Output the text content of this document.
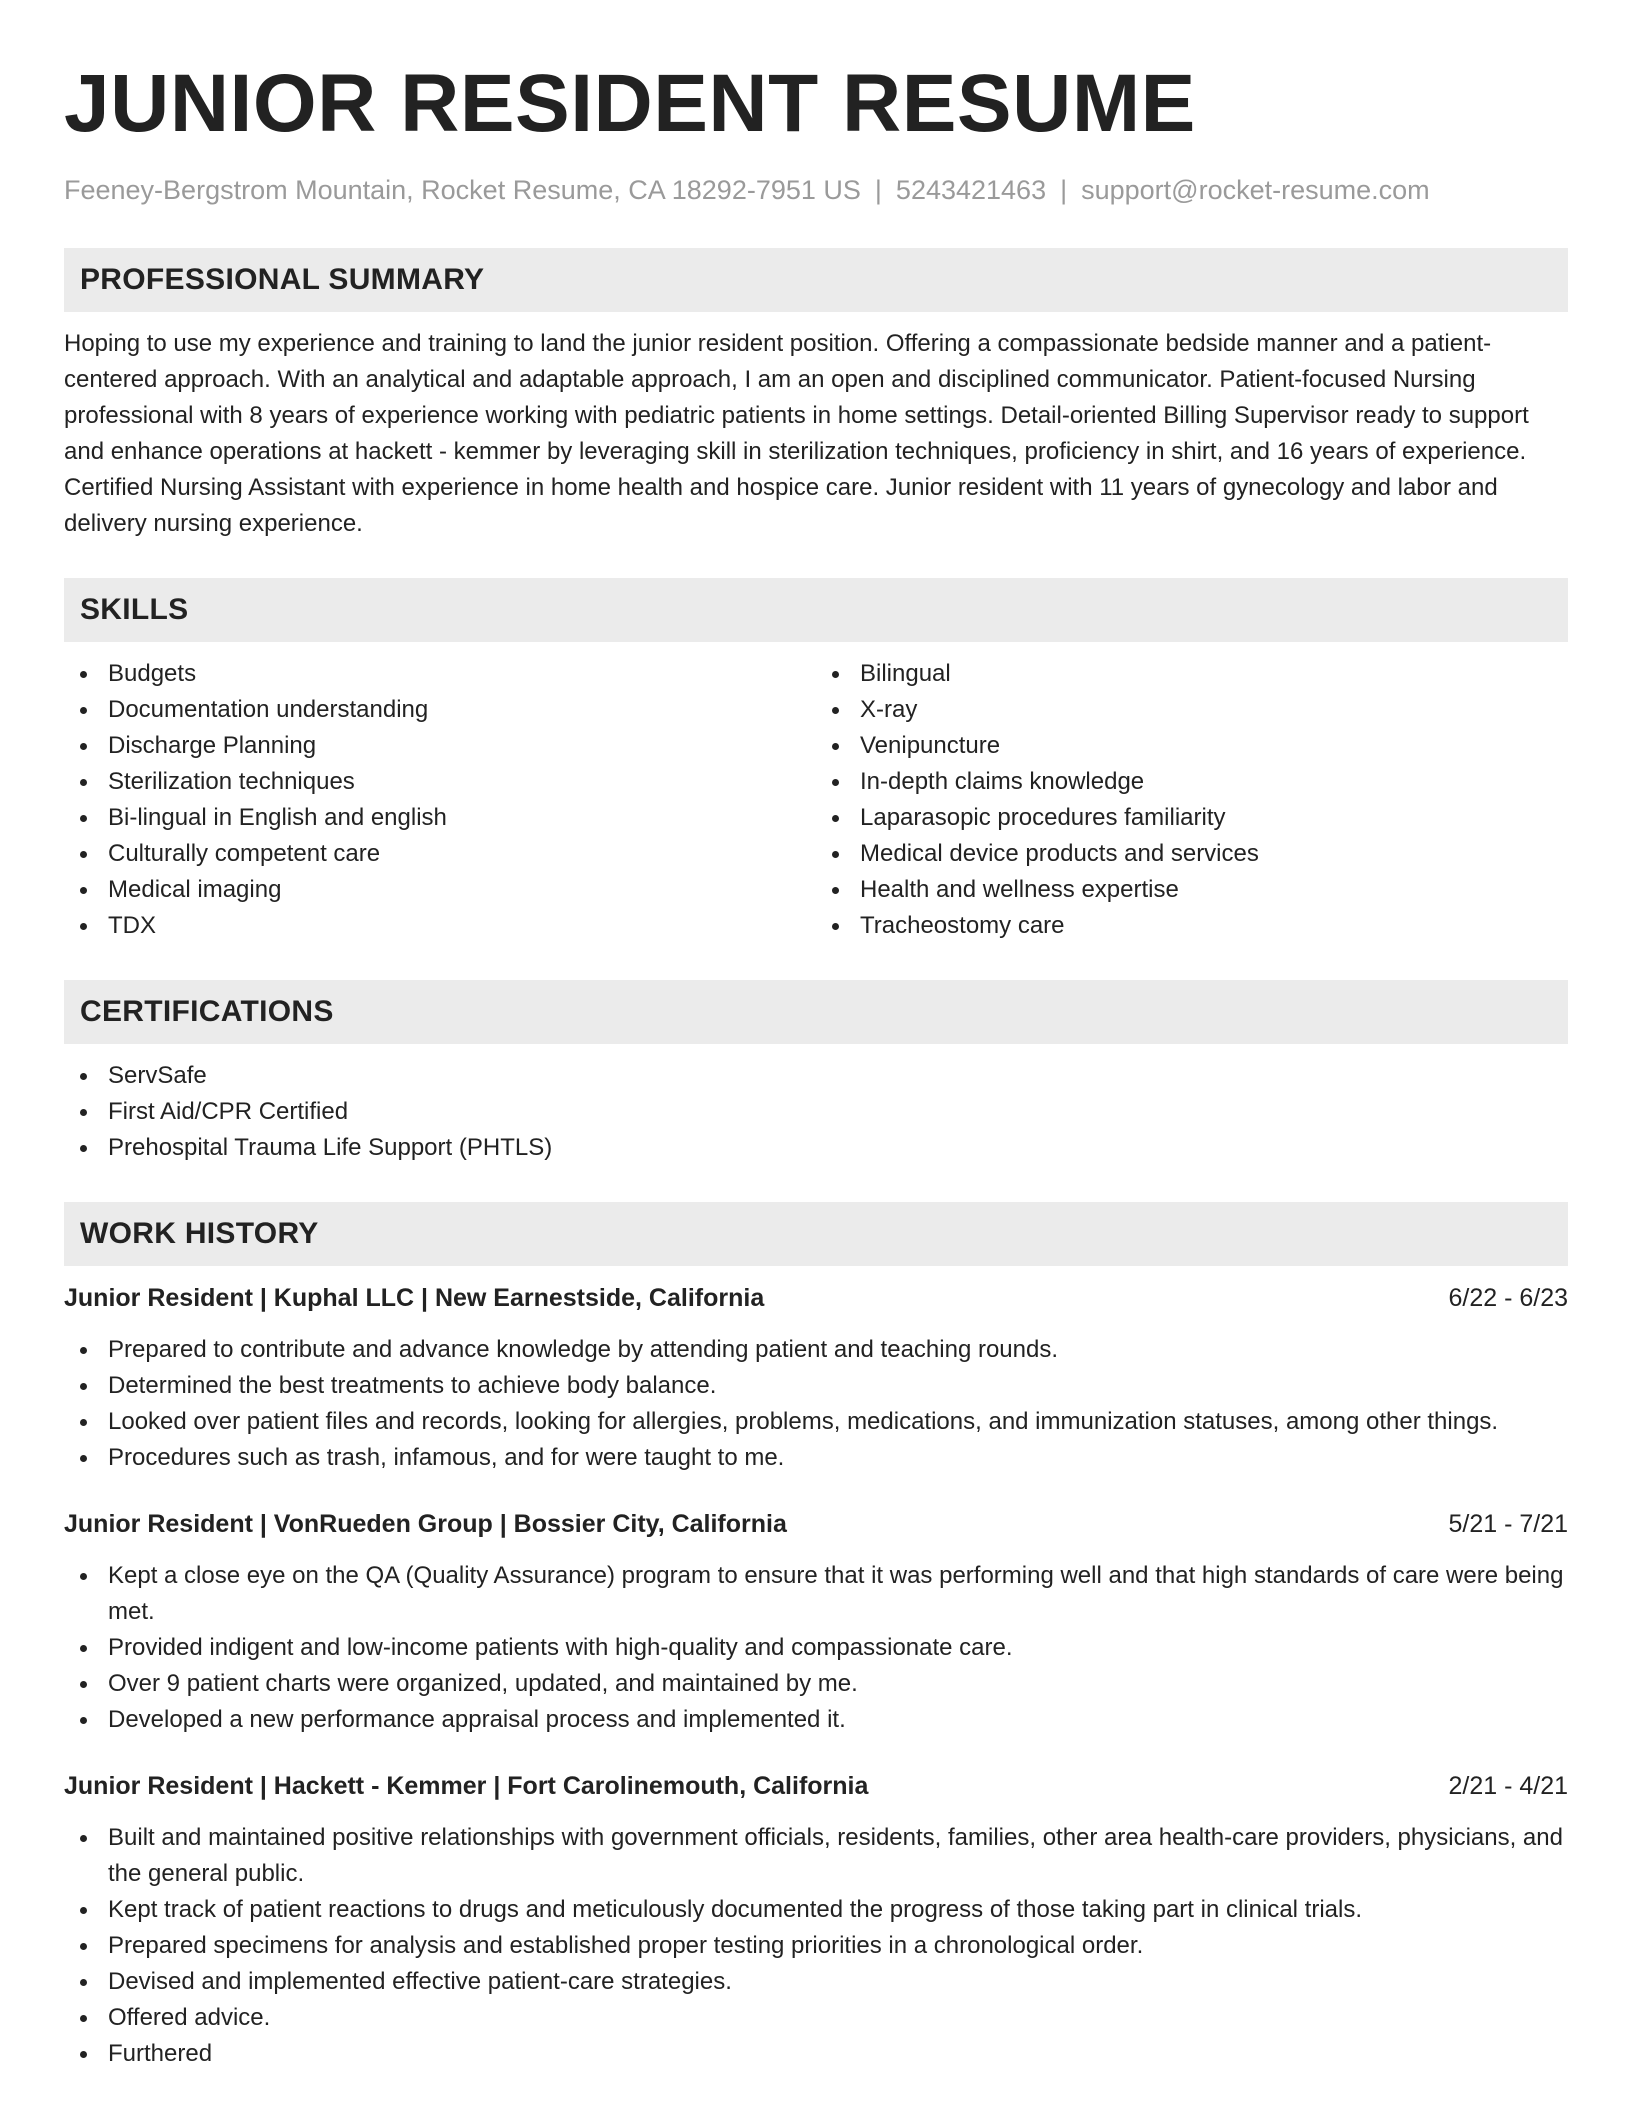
JUNIOR RESIDENT RESUME
Feeney-Bergstrom Mountain, Rocket Resume, CA 18292-7951 US | 5243421463 | support@rocket-resume.com
PROFESSIONAL SUMMARY

Hoping to use my experience and training to land the junior resident position. Offering a compassionate bedside manner and a patient-centered approach. With an analytical and adaptable approach, I am an open and disciplined communicator. Patient-focused Nursing professional with 8 years of experience working with pediatric patients in home settings. Detail-oriented Billing Supervisor ready to support and enhance operations at hackett - kemmer by leveraging skill in sterilization techniques, proficiency in shirt, and 16 years of experience. Certified Nursing Assistant with experience in home health and hospice care. Junior resident with 11 years of gynecology and labor and delivery nursing experience.

SKILLS
Budgets
Documentation understanding
Discharge Planning
Sterilization techniques
Bi-lingual in English and english
Culturally competent care
Medical imaging
TDX
Bilingual
X-ray
Venipuncture
In-depth claims knowledge
Laparasopic procedures familiarity
Medical device products and services
Health and wellness expertise
Tracheostomy care
CERTIFICATIONS
ServSafe
First Aid/CPR Certified
Prehospital Trauma Life Support (PHTLS)
WORK HISTORY
Junior Resident | Kuphal LLC | New Earnestside, California	6/22 - 6/23
Prepared to contribute and advance knowledge by attending patient and teaching rounds.
Determined the best treatments to achieve body balance.
Looked over patient files and records, looking for allergies, problems, medications, and immunization statuses, among other things.
Procedures such as trash, infamous, and for were taught to me.
Junior Resident | VonRueden Group | Bossier City, California	5/21 - 7/21
Kept a close eye on the QA (Quality Assurance) program to ensure that it was performing well and that high standards of care were being met.
Provided indigent and low-income patients with high-quality and compassionate care.
Over 9 patient charts were organized, updated, and maintained by me.
Developed a new performance appraisal process and implemented it.
Junior Resident | Hackett - Kemmer | Fort Carolinemouth, California	2/21 - 4/21
Built and maintained positive relationships with government officials, residents, families, other area health-care providers, physicians, and the general public.
Kept track of patient reactions to drugs and meticulously documented the progress of those taking part in clinical trials.
Prepared specimens for analysis and established proper testing priorities in a chronological order.
Devised and implemented effective patient-care strategies.
Offered advice.
Furthered
